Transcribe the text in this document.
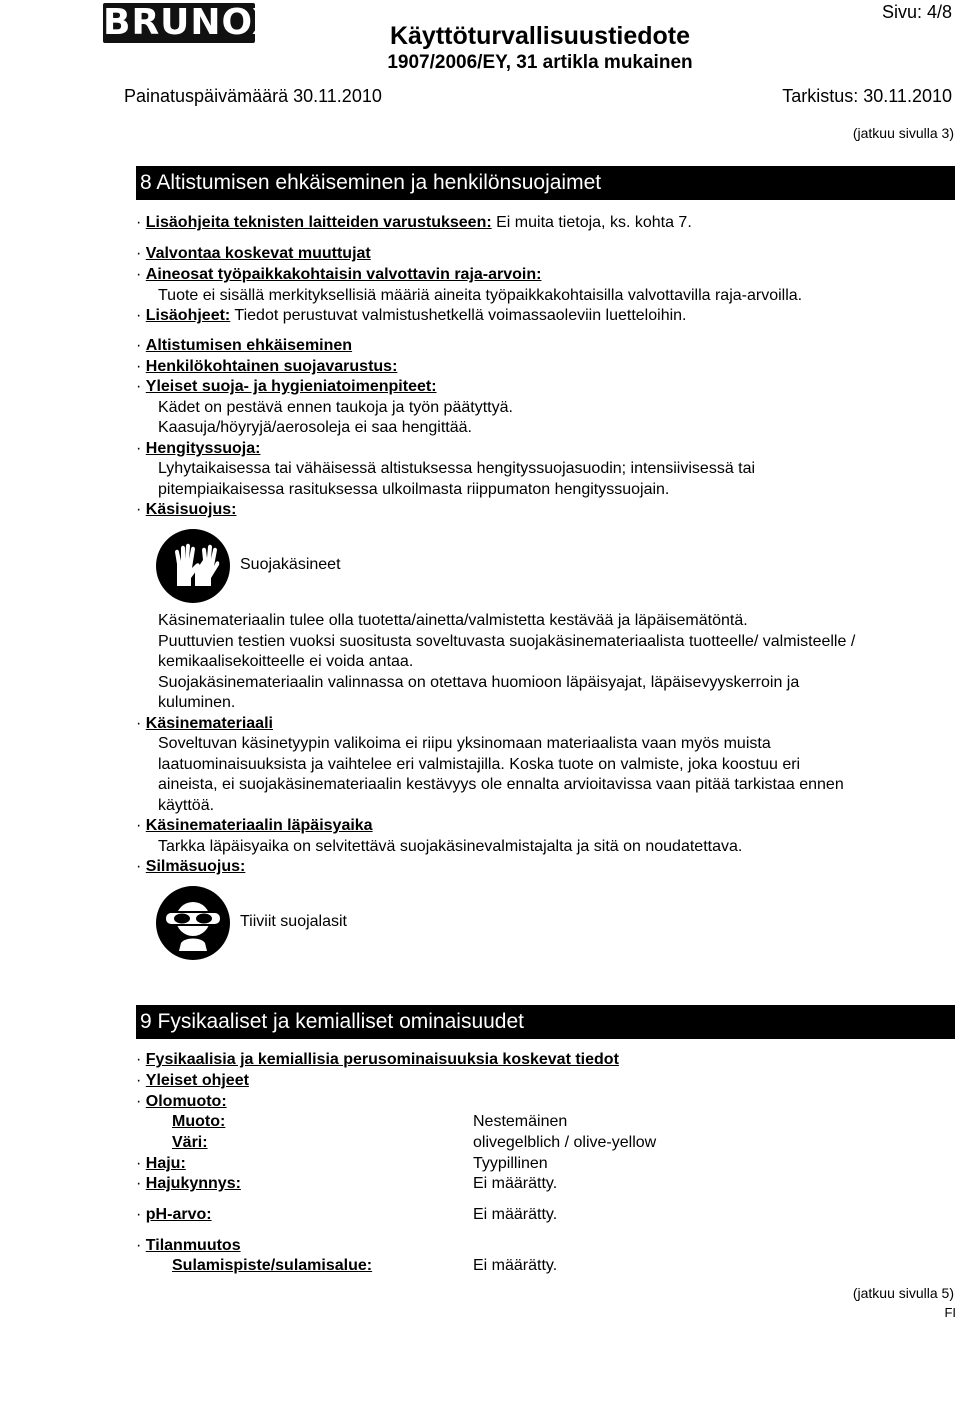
BRUNOX	Käyttöturvallisuustiedote
1907/2006/EY, 31 artikla mukainen
Sivu: 4/8
Painatuspäivämäärä 30.11.2010	Tarkistus: 30.11.2010
(jatkuu sivulla 3)
8 Altistumisen ehkäiseminen ja henkilönsuojaimet
· Lisäohjeita teknisten laitteiden varustukseen: Ei muita tietoja, ks. kohta 7.
· Valvontaa koskevat muuttujat
· Aineosat työpaikkakohtaisin valvottavin raja-arvoin:
Tuote ei sisällä merkityksellisiä määriä aineita työpaikkakohtaisilla valvottavilla raja-arvoilla.
· Lisäohjeet: Tiedot perustuvat valmistushetkellä voimassaoleviin luetteloihin.
· Altistumisen ehkäiseminen
· Henkilökohtainen suojavarustus:
· Yleiset suoja- ja hygieniatoimenpiteet:
Kädet on pestävä ennen taukoja ja työn päätyttyä.
Kaasuja/höyryjä/aerosoleja ei saa hengittää.
· Hengityssuoja:
Lyhytaikaisessa tai vähäisessä altistuksessa hengityssuojasuodin; intensiivisessä tai
pitempiaikaisessa rasituksessa ulkoilmasta riippumaton hengityssuojain.
· Käsisuojus:
Suojakäsineet
Käsinemateriaalin tulee olla tuotetta/ainetta/valmistetta kestävää ja läpäisemätöntä.
Puuttuvien testien vuoksi suositusta soveltuvasta suojakäsinemateriaalista tuotteelle/ valmisteelle /
kemikaalisekoitteelle ei voida antaa.
Suojakäsinemateriaalin valinnassa on otettava huomioon läpäisyajat, läpäisevyyskerroin ja
kuluminen.
· Käsinemateriaali
Soveltuvan käsinetyypin valikoima ei riipu yksinomaan materiaalista vaan myös muista
laatuominaisuuksista ja vaihtelee eri valmistajilla. Koska tuote on valmiste, joka koostuu eri
aineista, ei suojakäsinemateriaalin kestävyys ole ennalta arvioitavissa vaan pitää tarkistaa ennen
käyttöä.
· Käsinemateriaalin läpäisyaika
Tarkka läpäisyaika on selvitettävä suojakäsinevalmistajalta ja sitä on noudatettava.
· Silmäsuojus:
Tiiviit suojalasit
9 Fysikaaliset ja kemialliset ominaisuudet
· Fysikaalisia ja kemiallisia perusominaisuuksia koskevat tiedot
· Yleiset ohjeet
· Olomuoto:
Muoto:	Nestemäinen
Väri:	olivegelblich / olive-yellow
· Haju:	Tyypillinen
· Hajukynnys:	Ei määrätty.
· pH-arvo:	Ei määrätty.
· Tilanmuutos
Sulamispiste/sulamisalue:	Ei määrätty.
(jatkuu sivulla 5)
FI
